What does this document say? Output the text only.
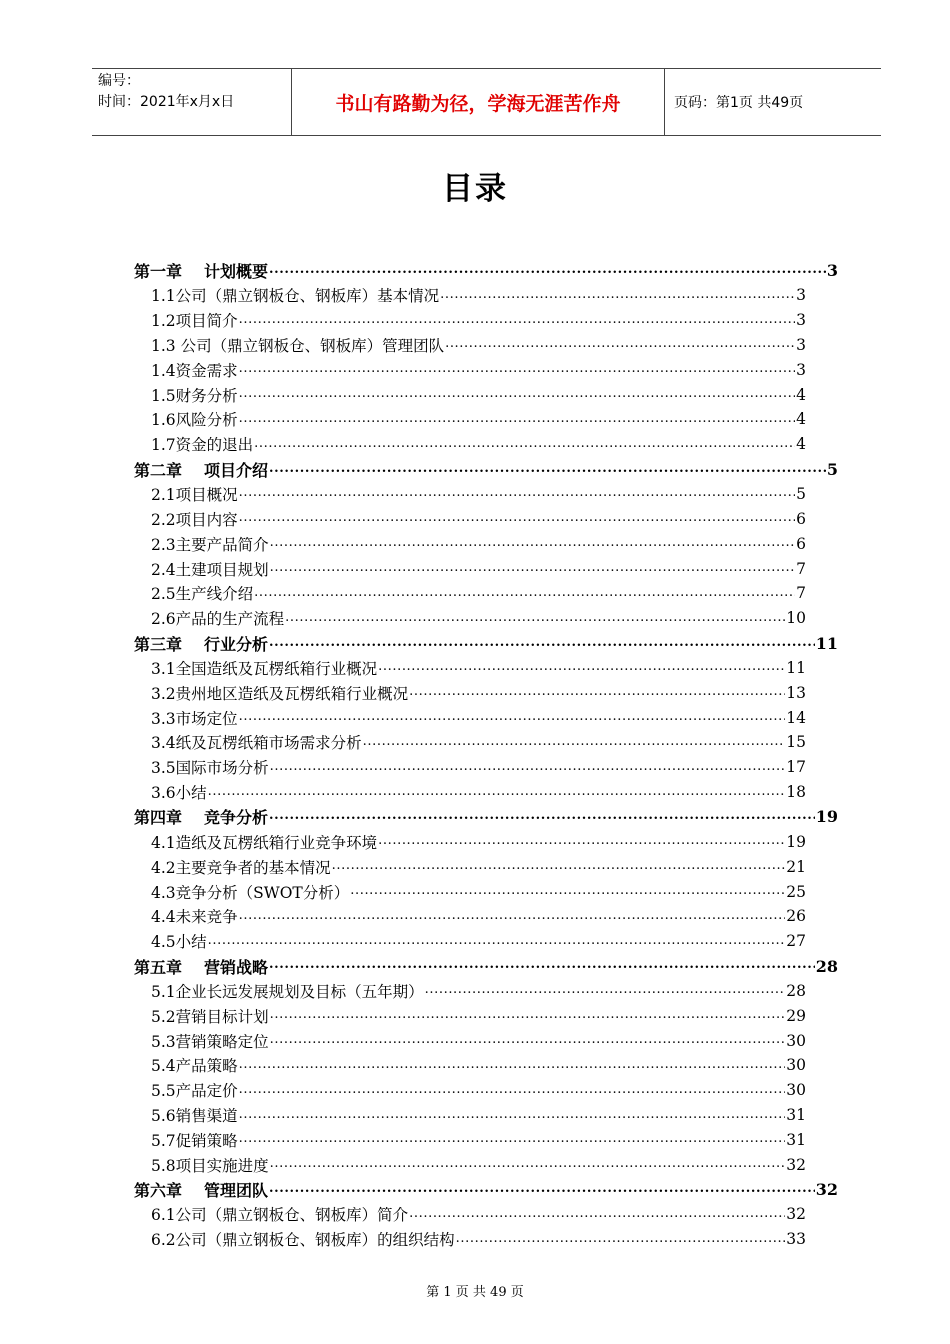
编号：
时间：2021年x月x日	书山有路勤为径，学海无涯苦作舟	页码：第1页 共49页
目录
第一章 计划概要 .....	3
1.1公司（鼎立钢板仓、钢板库）基本情况 .....	3
1.2项目简介 .....	3
1.3 公司（鼎立钢板仓、钢板库）管理团队 .....	3
1.4资金需求 .....	3
1.5财务分析 .....	4
1.6风险分析 .....	4
1.7资金的退出 .....	4
第二章 项目介绍 .....	5
2.1项目概况 .....	5
2.2项目内容 .....	6
2.3主要产品简介 .....	6
2.4土建项目规划 .....	7
2.5生产线介绍 .....	7
2.6产品的生产流程 .....	10
第三章 行业分析 .....	11
3.1全国造纸及瓦楞纸箱行业概况 .....	11
3.2贵州地区造纸及瓦楞纸箱行业概况 .....	13
3.3市场定位 .....	14
3.4纸及瓦楞纸箱市场需求分析 .....	15
3.5国际市场分析 .....	17
3.6小结 .....	18
第四章 竞争分析 .....	19
4.1造纸及瓦楞纸箱行业竞争环境 .....	19
4.2主要竞争者的基本情况 .....	21
4.3竞争分析（SWOT分析） .....	25
4.4未来竞争 .....	26
4.5小结 .....	27
第五章 营销战略 .....	28
5.1企业长远发展规划及目标（五年期） .....	28
5.2营销目标计划 .....	29
5.3营销策略定位 .....	30
5.4产品策略 .....	30
5.5产品定价 .....	30
5.6销售渠道 .....	31
5.7促销策略 .....	31
5.8项目实施进度 .....	32
第六章 管理团队 .....	32
6.1公司（鼎立钢板仓、钢板库）简介 .....	32
6.2公司（鼎立钢板仓、钢板库）的组织结构 .....	33
第 1 页 共 49 页
